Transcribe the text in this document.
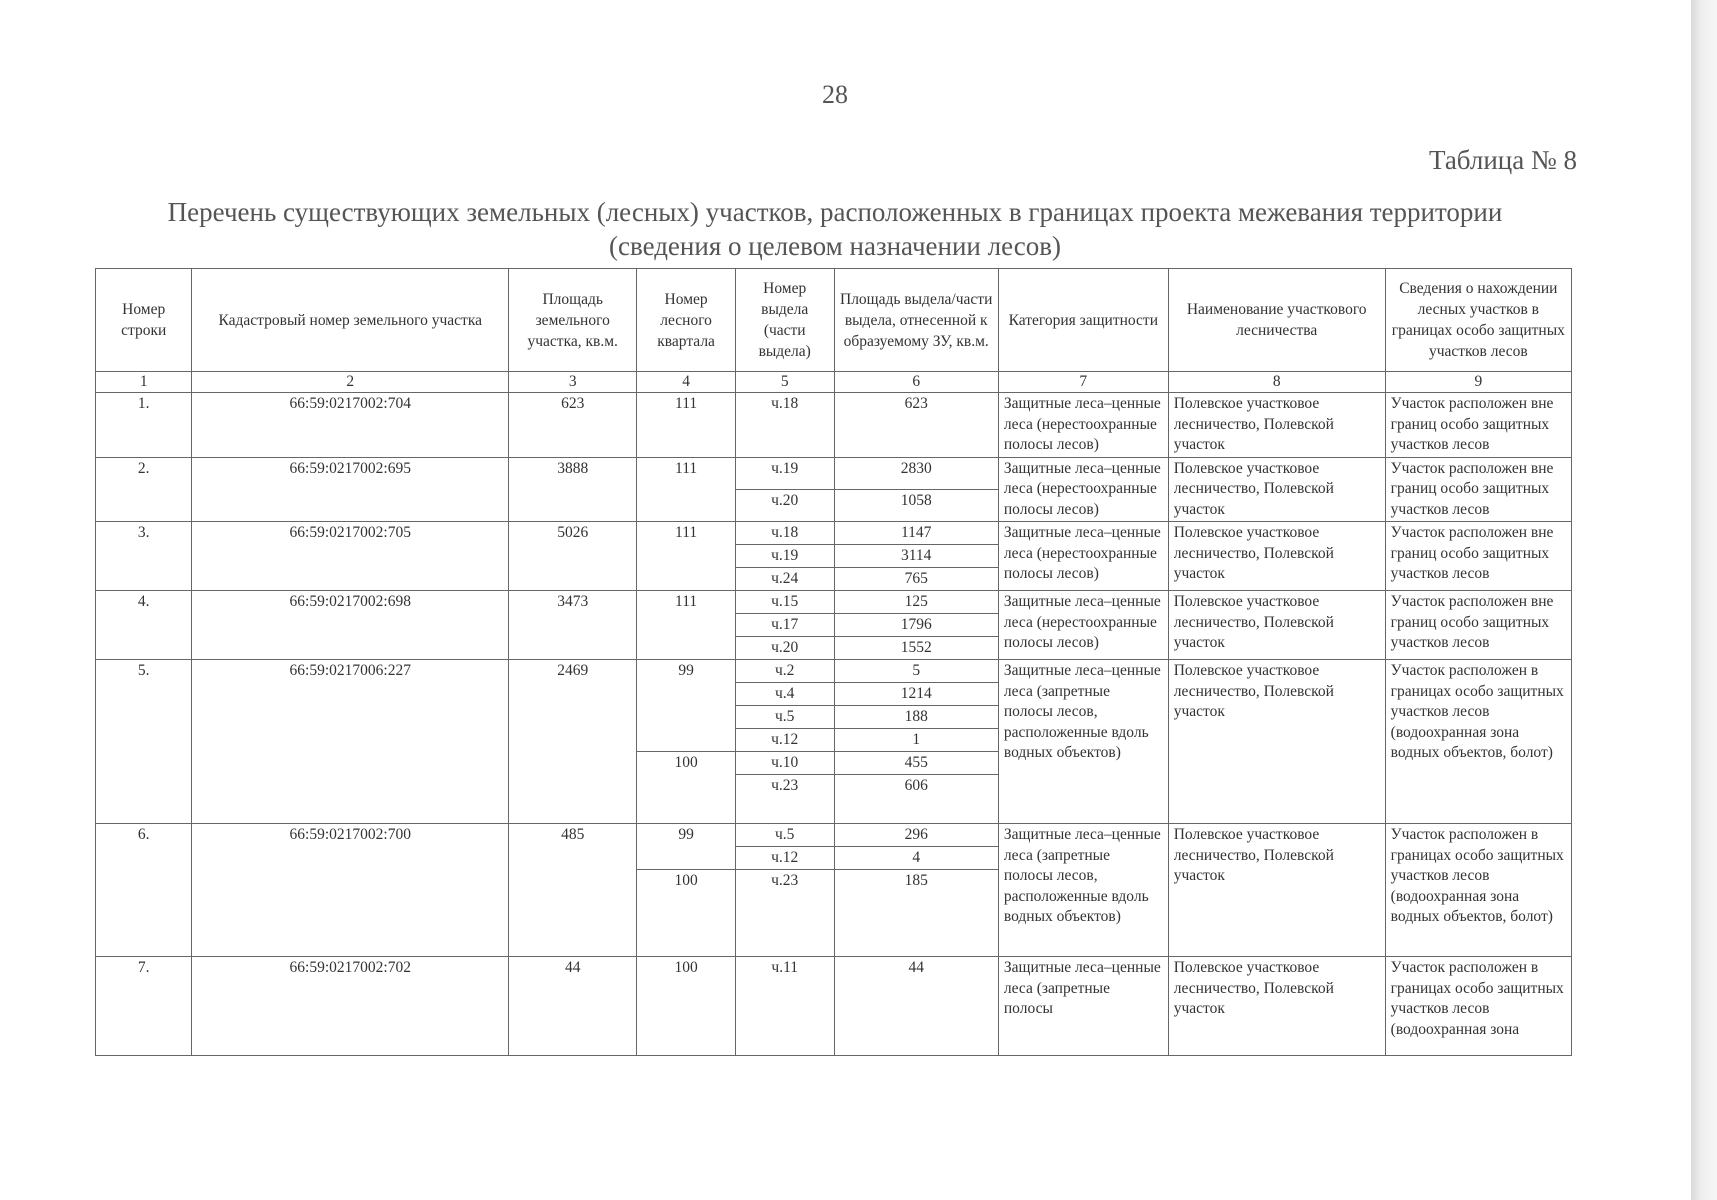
28
Таблица № 8
Перечень существующих земельных (лесных) участков, расположенных в границах проекта межевания территории
(сведения о целевом назначении лесов)
Номер строки	Кадастровый номер земельного участка	Площадь земельного участка, кв.м.	Номер лесного квартала	Номер выдела (части выдела)	Площадь выдела/части выдела, отнесенной к образуемому ЗУ, кв.м.	Категория защитности	Наименование участкового лесничества	Сведения о нахождении лесных участков в границах особо защитных участков лесов
1	2	3	4	5	6	7	8	9
1.	66:59:0217002:704	623	111	ч.18	623	Защитные леса–ценные леса (нерестоохранные полосы лесов)	Полевское участковое лесничество, Полевской участок	Участок расположен вне границ особо защитных участков лесов
2.	66:59:0217002:695	3888	111	ч.19	2830	Защитные леса–ценные леса (нерестоохранные полосы лесов)	Полевское участковое лесничество, Полевской участок	Участок расположен вне границ особо защитных участков лесов
				ч.20	1058			
3.	66:59:0217002:705	5026	111	ч.18	1147	Защитные леса–ценные леса (нерестоохранные полосы лесов)	Полевское участковое лесничество, Полевской участок	Участок расположен вне границ особо защитных участков лесов
				ч.19	3114			
				ч.24	765			
4.	66:59:0217002:698	3473	111	ч.15	125	Защитные леса–ценные леса (нерестоохранные полосы лесов)	Полевское участковое лесничество, Полевской участок	Участок расположен вне границ особо защитных участков лесов
				ч.17	1796			
				ч.20	1552			
5.	66:59:0217006:227	2469	99	ч.2	5	Защитные леса–ценные леса (запретные полосы лесов, расположенные вдоль водных объектов)	Полевское участковое лесничество, Полевской участок	Участок расположен в границах особо защитных участков лесов (водоохранная зона водных объектов, болот)
				ч.4	1214			
				ч.5	188			
				ч.12	1			
			100	ч.10	455			
				ч.23	606			
6.	66:59:0217002:700	485	99	ч.5	296	Защитные леса–ценные леса (запретные полосы лесов, расположенные вдоль водных объектов)	Полевское участковое лесничество, Полевской участок	Участок расположен в границах особо защитных участков лесов (водоохранная зона водных объектов, болот)
				ч.12	4			
			100	ч.23	185			
7.	66:59:0217002:702	44	100	ч.11	44	Защитные леса–ценные леса (запретные полосы	Полевское участковое лесничество, Полевской участок	Участок расположен в границах особо защитных участков лесов (водоохранная зона
